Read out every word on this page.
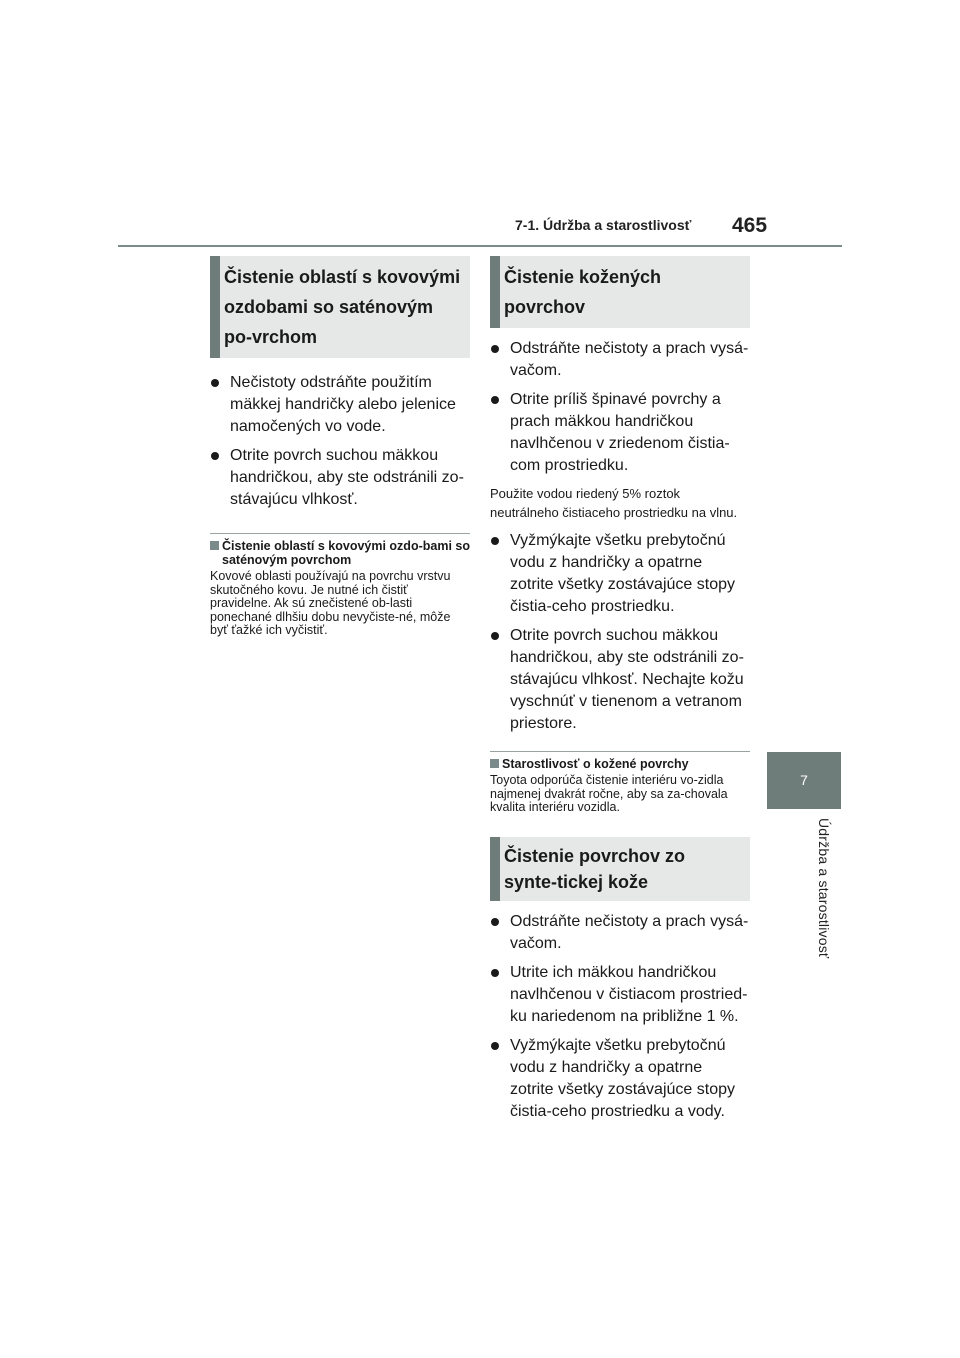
7-1. Údržba a starostlivosť 465
7
Údržba a starostlivosť
Čistenie oblastí s kovovými ozdobami so saténovým po-vrchom
Nečistoty odstráňte použitím mäkkej handričky alebo jelenice namočených vo vode.
Otrite povrch suchou mäkkou handričkou, aby ste odstránili zo-stávajúcu vlhkosť.
Čistenie oblastí s kovovými ozdo-bami so saténovým povrchom

Kovové oblasti používajú na povrchu vrstvu skutočného kovu. Je nutné ich čistiť pravidelne. Ak sú znečistené ob-lasti ponechané dlhšiu dobu nevyčiste-né, môže byť ťažké ich vyčistiť.

Čistenie kožených povrchov
Odstráňte nečistoty a prach vysá-vačom.
Otrite príliš špinavé povrchy a prach mäkkou handričkou navlhčenou v zriedenom čistia-com prostriedku.

Použite vodou riedený 5% roztok neutrálneho čistiaceho prostriedku na vlnu.

Vyžmýkajte všetku prebytočnú vodu z handričky a opatrne zotrite všetky zostávajúce stopy čistia-ceho prostriedku.
Otrite povrch suchou mäkkou handričkou, aby ste odstránili zo-stávajúcu vlhkosť. Nechajte kožu vyschnúť v tienenom a vetranom priestore.
Starostlivosť o kožené povrchy

Toyota odporúča čistenie interiéru vo-zidla najmenej dvakrát ročne, aby sa za-chovala kvalita interiéru vozidla.

Čistenie povrchov zo synte-tickej kože
Odstráňte nečistoty a prach vysá-vačom.
Utrite ich mäkkou handričkou navlhčenou v čistiacom prostried-ku nariedenom na približne 1 %.
Vyžmýkajte všetku prebytočnú vodu z handričky a opatrne zotrite všetky zostávajúce stopy čistia-ceho prostriedku a vody.
